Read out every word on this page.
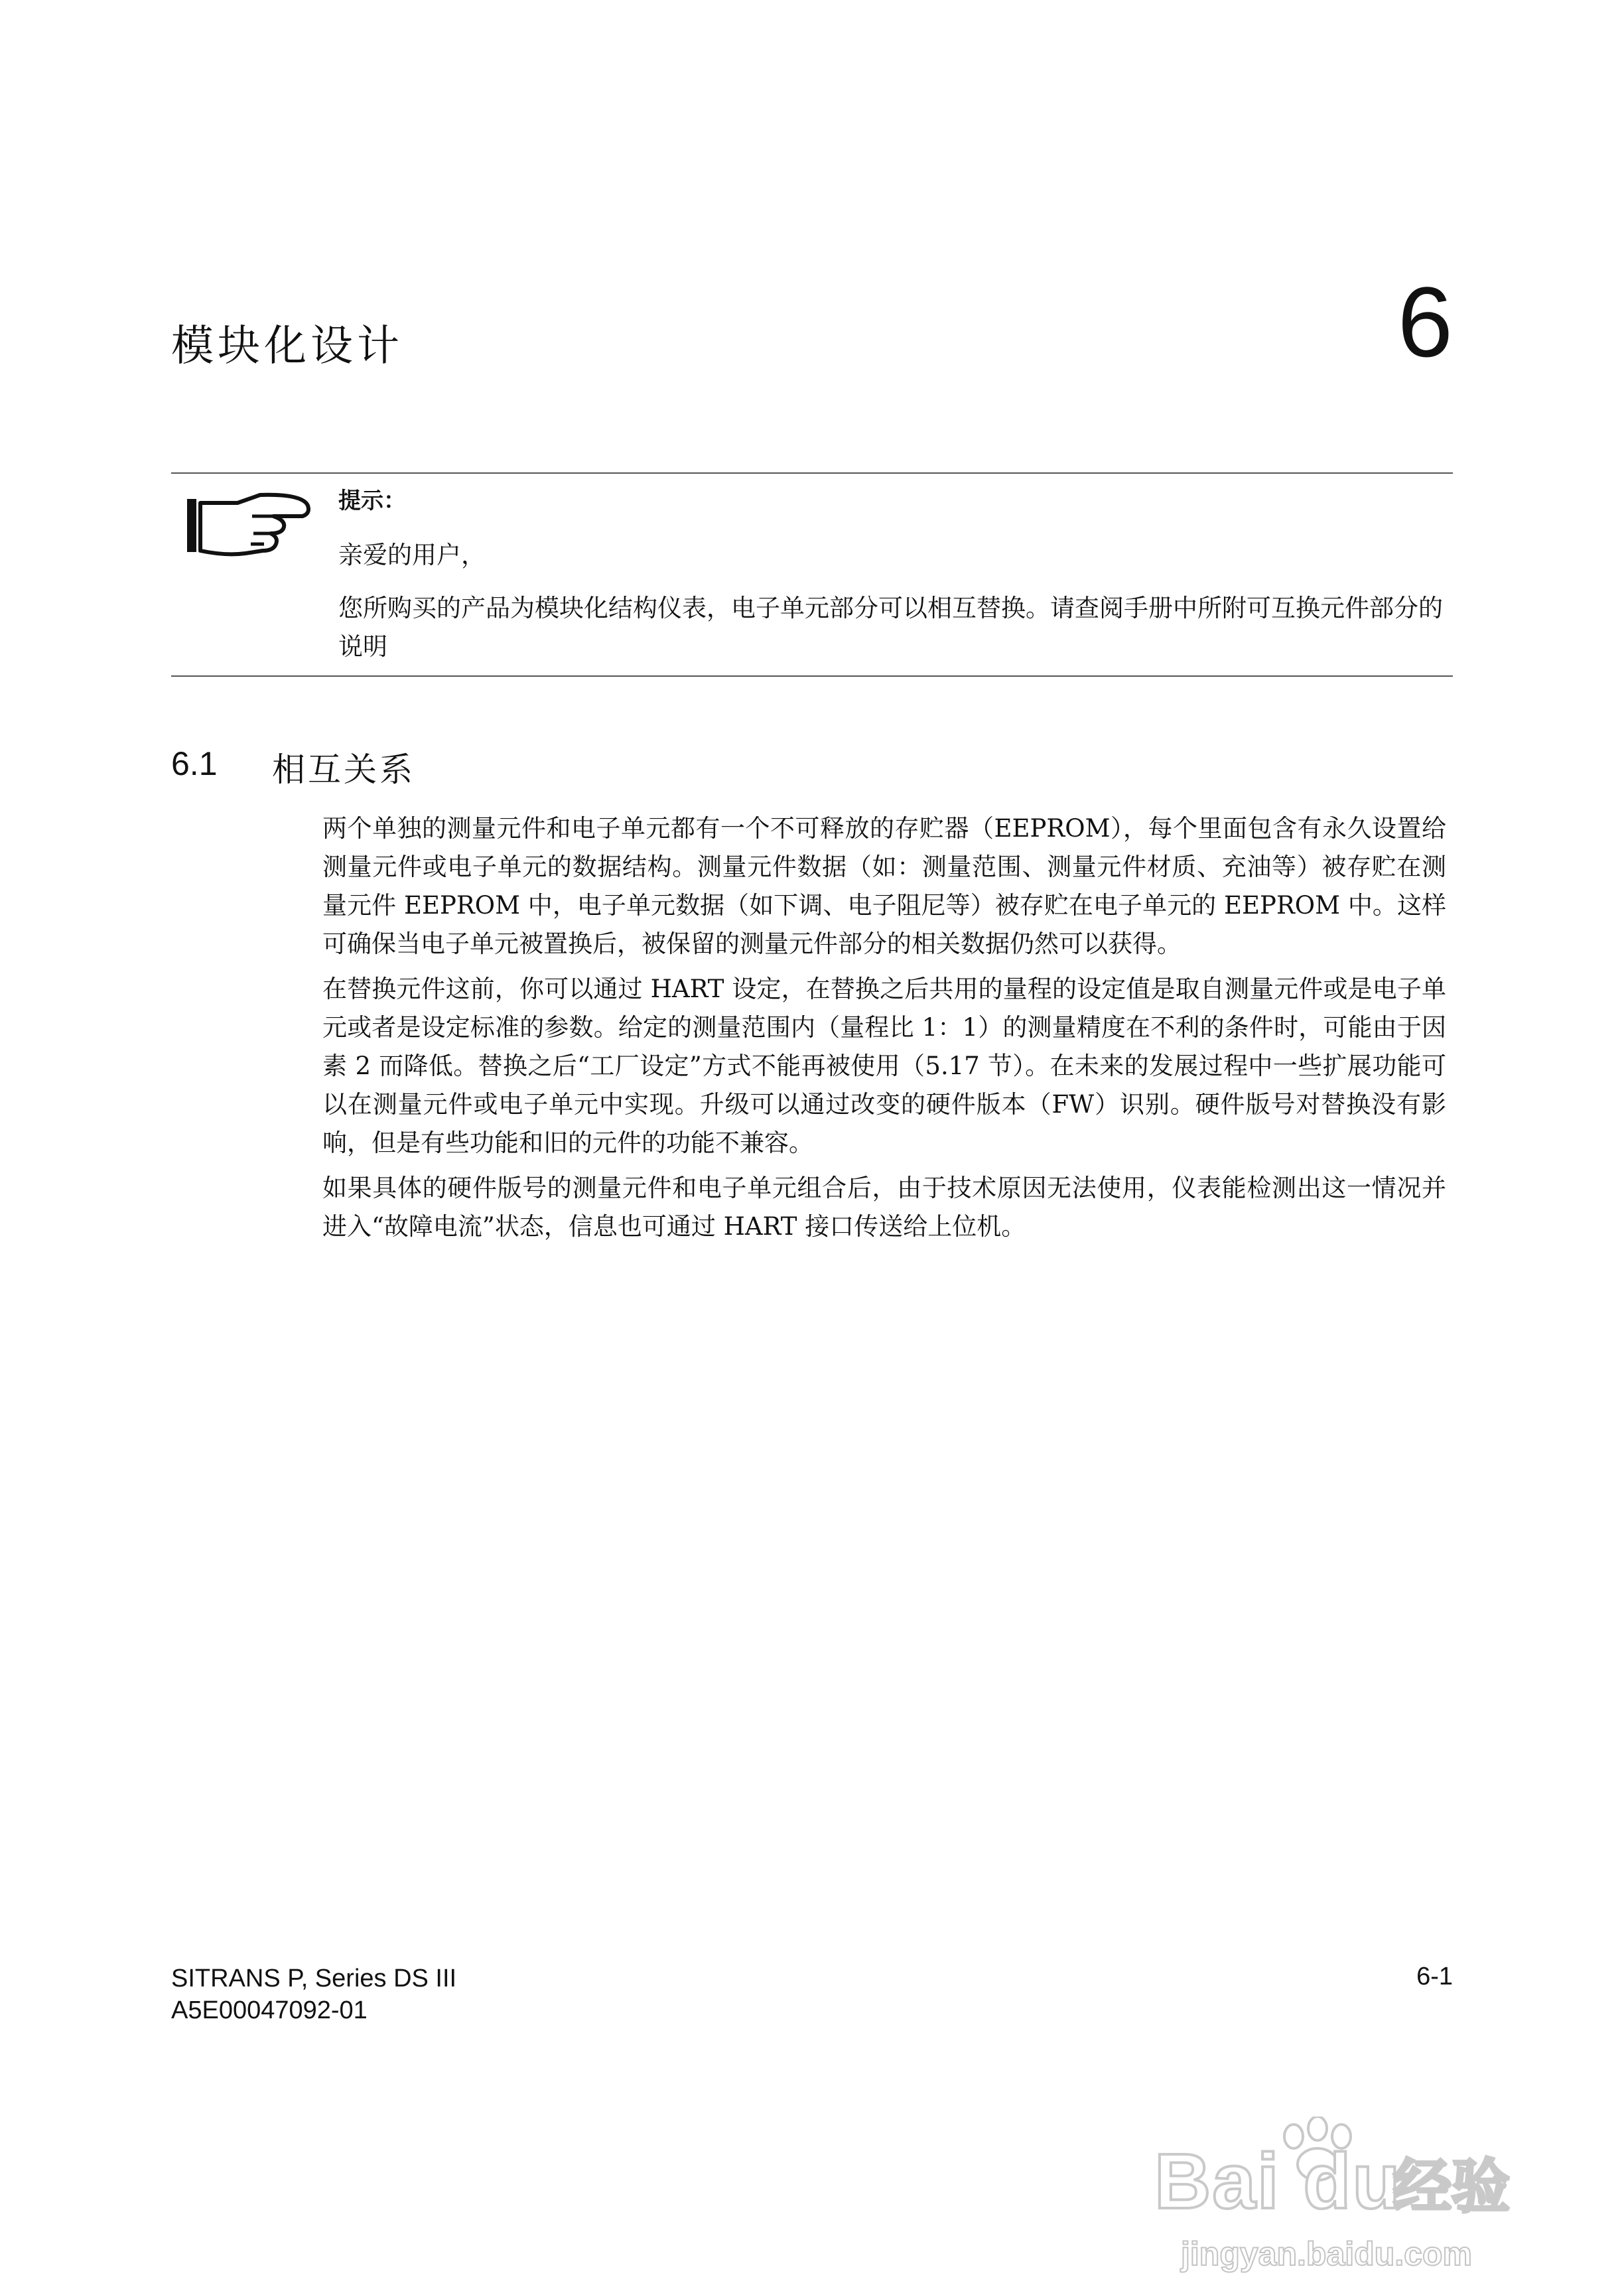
模块化设计	6

提示：

亲爱的用户，

您所购买的产品为模块化结构仪表，电子单元部分可以相互替换。请查阅手册中所附可互换元件部分的说明

6.1 相互关系

两个单独的测量元件和电子单元都有一个不可释放的存贮器（EEPROM），每个里面包含有永久设置给测量元件或电子单元的数据结构。测量元件数据（如：测量范围、测量元件材质、充油等）被存贮在测量元件 EEPROM 中，电子单元数据（如下调、电子阻尼等）被存贮在电子单元的 EEPROM 中。这样可确保当电子单元被置换后，被保留的测量元件部分的相关数据仍然可以获得。

在替换元件这前，你可以通过 HART 设定，在替换之后共用的量程的设定值是取自测量元件或是电子单元或者是设定标准的参数。给定的测量范围内（量程比 1：1）的测量精度在不利的条件时，可能由于因素 2 而降低。替换之后“工厂设定”方式不能再被使用（5.17 节）。在未来的发展过程中一些扩展功能可以在测量元件或电子单元中实现。升级可以通过改变的硬件版本（FW）识别。硬件版号对替换没有影响，但是有些功能和旧的元件的功能不兼容。

如果具体的硬件版号的测量元件和电子单元组合后，由于技术原因无法使用，仪表能检测出这一情况并进入“故障电流”状态，信息也可通过 HART 接口传送给上位机。

SITRANS P, Series DS III
A5E00047092-01
6-1
Bai du
经验
jingyan.baidu.com
